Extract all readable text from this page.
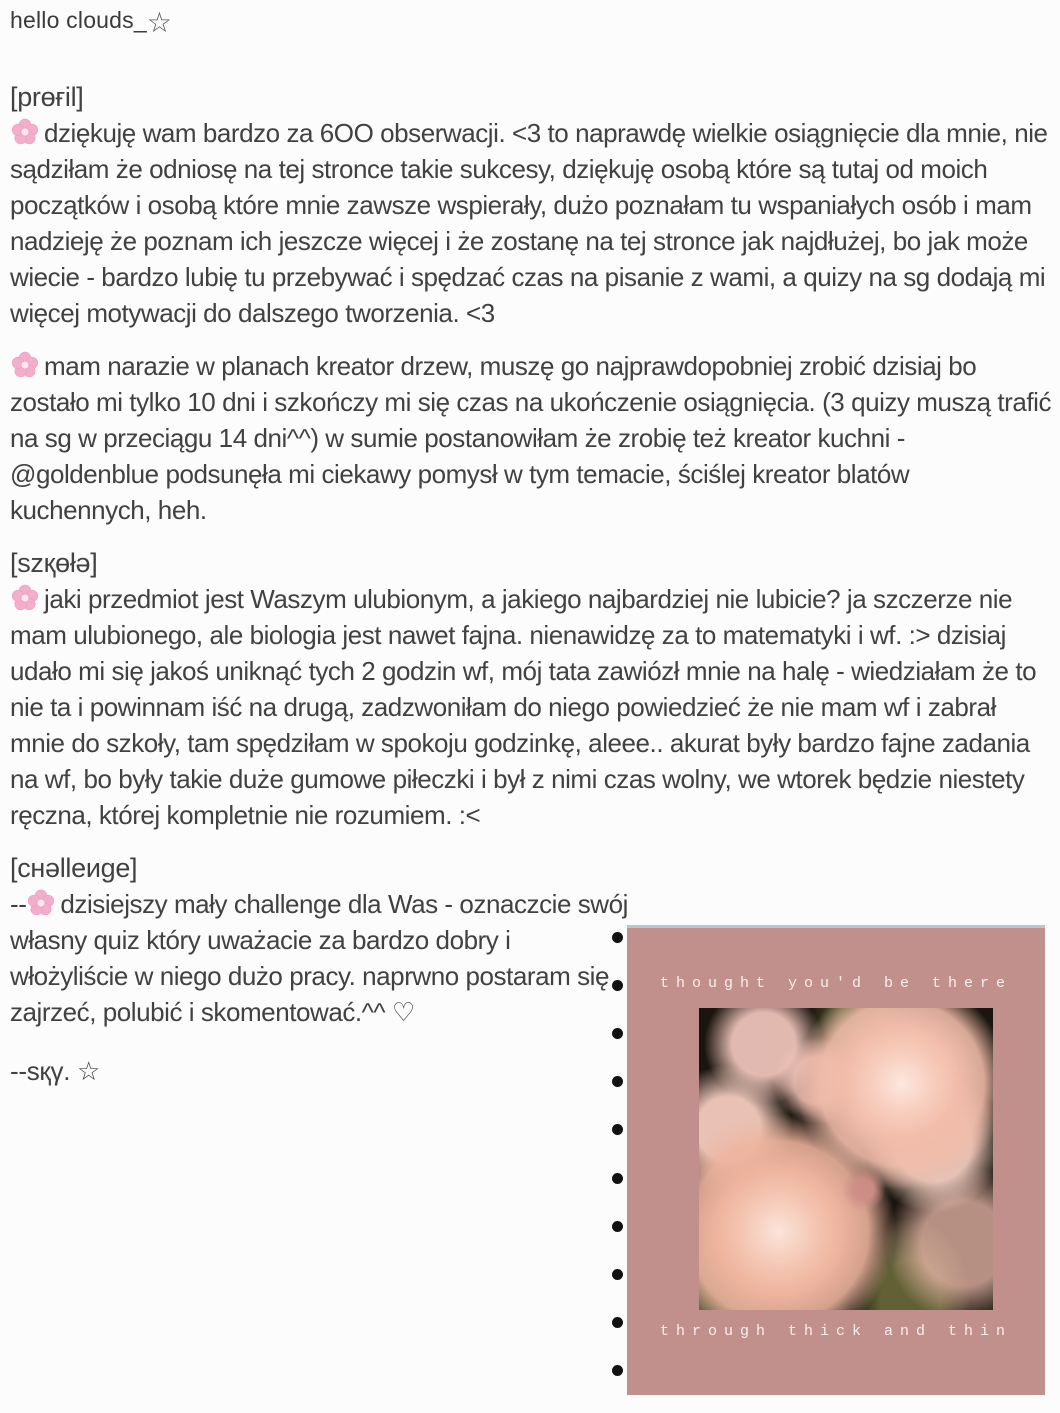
hello clouds_☆
[prөғil]

dziękuję wam bardzo za 6OO obserwacji. <3 to naprawdę wielkie osiągnięcie dla mnie, nie sądziłam że odniosę na tej stronce takie sukcesy, dziękuję osobą które są tutaj od moich początków i osobą które mnie zawsze wspierały, dużo poznałam tu wspaniałych osób i mam nadzieję że poznam ich jeszcze więcej i że zostanę na tej stronce jak najdłużej, bo jak może wiecie - bardzo lubię tu przebywać i spędzać czas na pisanie z wami, a quizy na sg dodają mi więcej motywacji do dalszego tworzenia. <3

mam narazie w planach kreator drzew, muszę go najprawdopobniej zrobić dzisiaj bo zostało mi tylko 10 dni i szkończy mi się czas na ukończenie osiągnięcia. (3 quizy muszą trafić na sg w przeciągu 14 dni^^) w sumie postanowiłam że zrobię też kreator kuchni - @goldenblue podsunęła mi ciekawy pomysł w tym temacie, ściślej kreator blatów kuchennych, heh.

[szқөłə]

jaki przedmiot jest Waszym ulubionym, a jakiego najbardziej nie lubicie? ja szczerze nie mam ulubionego, ale biologia jest nawet fajna. nienawidzę za to matematyki i wf. :> dzisiaj udało mi się jakoś uniknąć tych 2 godzin wf, mój tata zawiózł mnie na halę - wiedziałam że to nie ta i powinnam iść na drugą, zadzwoniłam do niego powiedzieć że nie mam wf i zabrał mnie do szkoły, tam spędziłam w spokoju godzinkę, aleee.. akurat były bardzo fajne zadania na wf, bo były takie duże gumowe piłeczki i był z nimi czas wolny, we wtorek będzie niestety ręczna, której kompletnie nie rozumiem. :<

[cнəlleиge]

-- dzisiejszy mały challenge dla Was - oznaczcie swój własny quiz który uważacie za bardzo dobry i włożyliście w niego dużo pracy. naprwno postaram się zajrzeć, polubić i skomentować.^^ ♡

--sқγ. ☆
thought you'd be there
through thick and thin
